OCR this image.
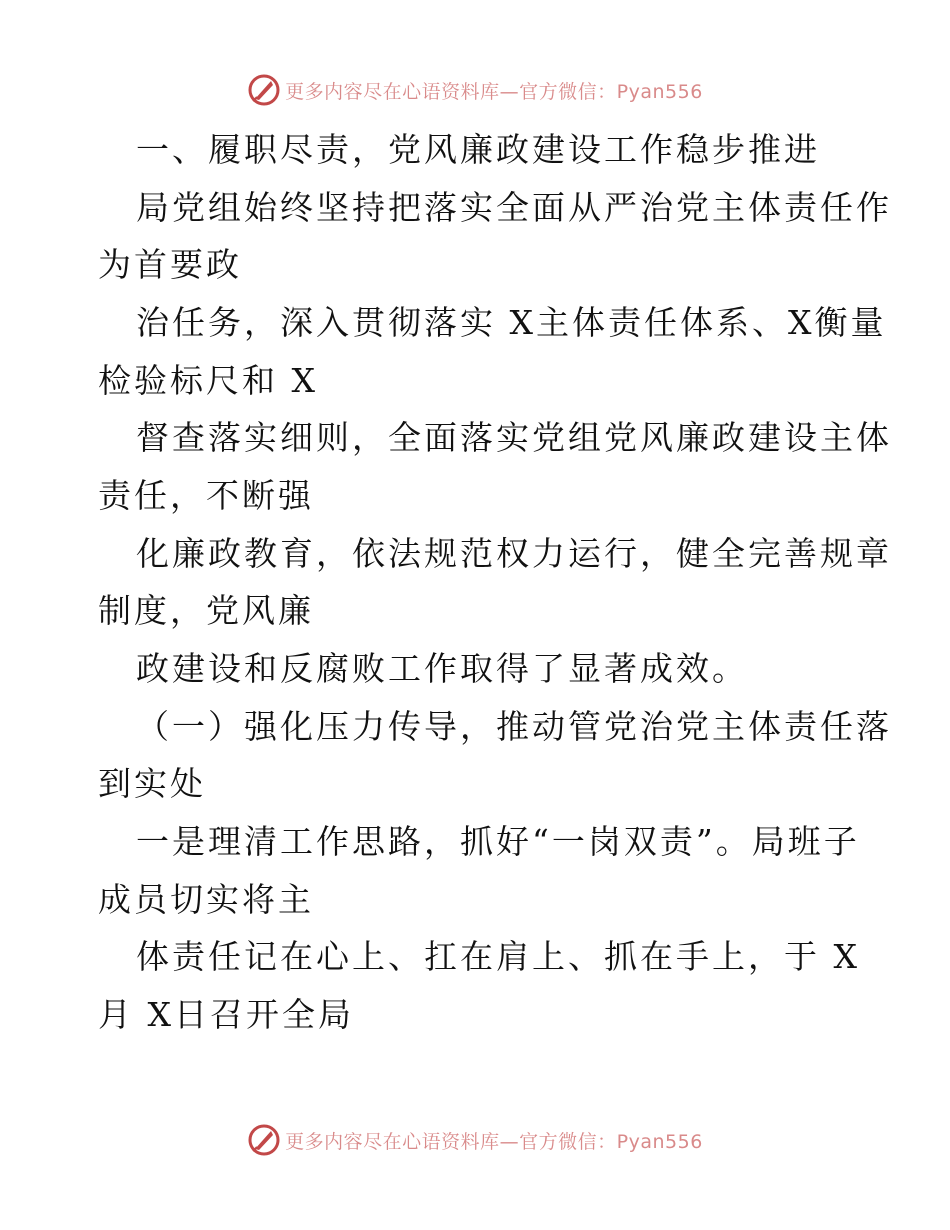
更多内容尽在心语资料库—官方微信：Pyan556
一、履职尽责，党风廉政建设工作稳步推进
局党组始终坚持把落实全面从严治党主体责任作
为首要政
治任务，深入贯彻落实 X主体责任体系、X衡量
检验标尺和 X
督查落实细则，全面落实党组党风廉政建设主体
责任，不断强
化廉政教育，依法规范权力运行，健全完善规章
制度，党风廉
政建设和反腐败工作取得了显著成效。
（一）强化压力传导，推动管党治党主体责任落
到实处
一是理清工作思路，抓好“一岗双责”。局班子
成员切实将主
体责任记在心上、扛在肩上、抓在手上，于 X
月 X日召开全局
更多内容尽在心语资料库—官方微信：Pyan556
